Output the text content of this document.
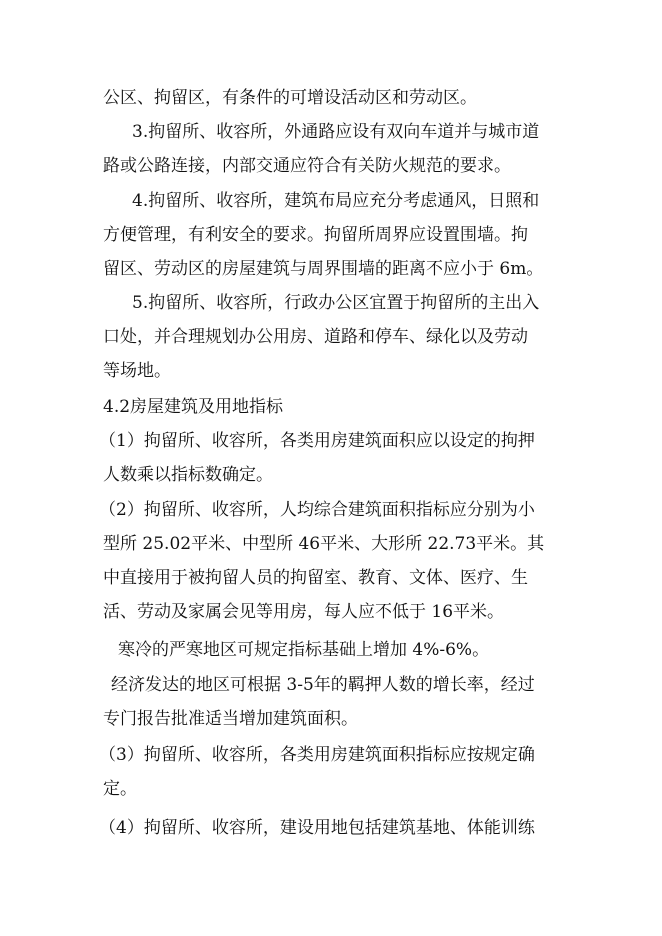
公区、拘留区，有条件的可增设活动区和劳动区。

3.拘留所、收容所，外通路应设有双向车道并与城市道

路或公路连接，内部交通应符合有关防火规范的要求。

4.拘留所、收容所，建筑布局应充分考虑通风，日照和

方便管理，有利安全的要求。拘留所周界应设置围墙。拘

留区、劳动区的房屋建筑与周界围墙的距离不应小于 6m。

5.拘留所、收容所，行政办公区宜置于拘留所的主出入

口处，并合理规划办公用房、道路和停车、绿化以及劳动

等场地。

4.2房屋建筑及用地指标

（1）拘留所、收容所，各类用房建筑面积应以设定的拘押

人数乘以指标数确定。

（2）拘留所、收容所，人均综合建筑面积指标应分别为小

型所 25.02平米、中型所 46平米、大形所 22.73平米。其

中直接用于被拘留人员的拘留室、教育、文体、医疗、生

活、劳动及家属会见等用房，每人应不低于 16平米。

寒冷的严寒地区可规定指标基础上增加 4%-6%。

经济发达的地区可根据 3-5年的羁押人数的增长率，经过

专门报告批准适当增加建筑面积。

（3）拘留所、收容所，各类用房建筑面积指标应按规定确

定。

（4）拘留所、收容所，建设用地包括建筑基地、体能训练
